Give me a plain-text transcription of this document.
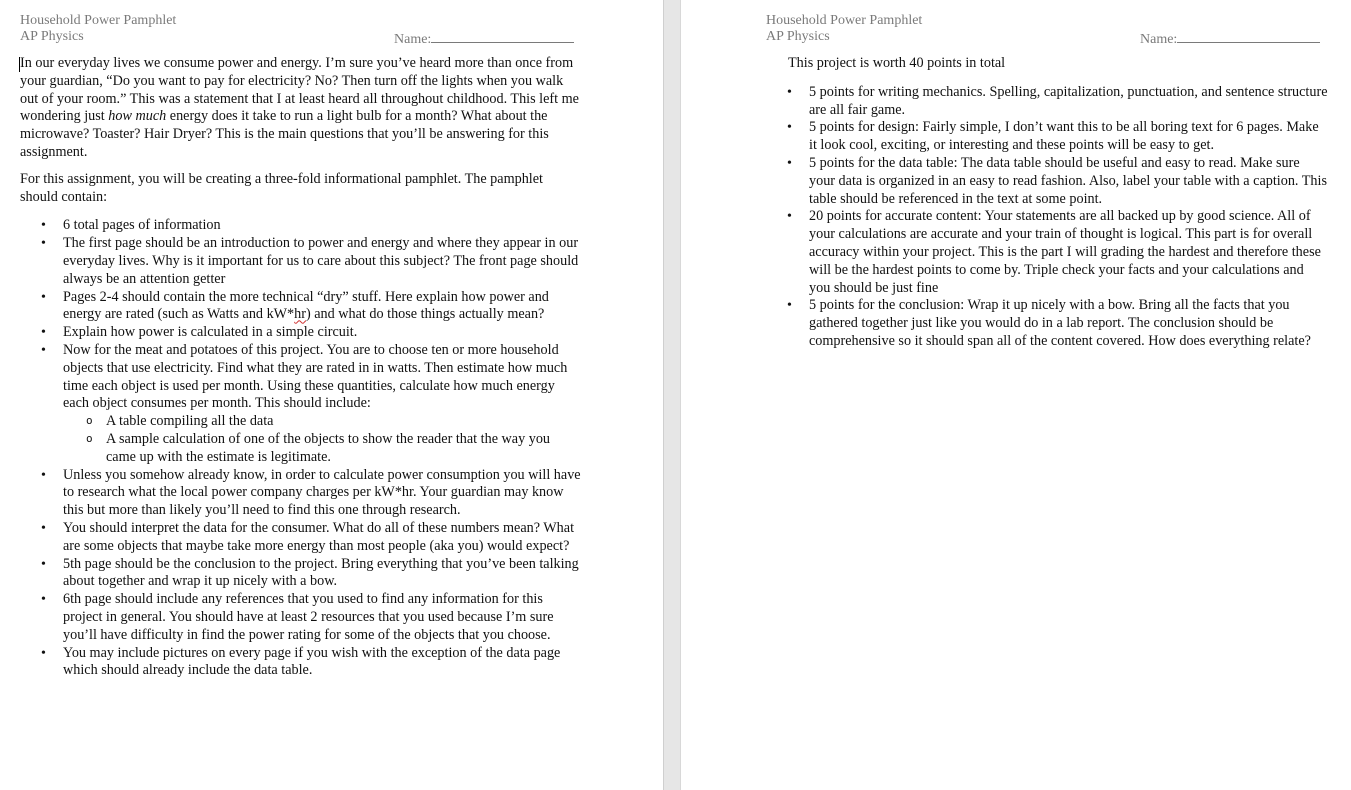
Household Power Pamphlet
AP Physics	Name:

In our everyday lives we consume power and energy. I’m sure you’ve heard more than once from your guardian, “Do you want to pay for electricity? No? Then turn off the lights when you walk out of your room.” This was a statement that I at least heard all throughout childhood. This left me wondering just how much energy does it take to run a light bulb for a month? What about the microwave? Toaster? Hair Dryer? This is the main questions that you’ll be answering for this assignment.

For this assignment, you will be creating a three-fold informational pamphlet. The pamphlet should contain:

• 6 total pages of information
• The first page should be an introduction to power and energy and where they appear in our everyday lives. Why is it important for us to care about this subject? The front page should always be an attention getter
• Pages 2-4 should contain the more technical “dry” stuff. Here explain how power and energy are rated (such as Watts and kW*hr) and what do those things actually mean?
• Explain how power is calculated in a simple circuit.
• Now for the meat and potatoes of this project. You are to choose ten or more household objects that use electricity. Find what they are rated in in watts. Then estimate how much time each object is used per month. Using these quantities, calculate how much energy each object consumes per month. This should include:
o A table compiling all the data
o A sample calculation of one of the objects to show the reader that the way you came up with the estimate is legitimate.
• Unless you somehow already know, in order to calculate power consumption you will have to research what the local power company charges per kW*hr. Your guardian may know this but more than likely you’ll need to find this one through research.
• You should interpret the data for the consumer. What do all of these numbers mean? What are some objects that maybe take more energy than most people (aka you) would expect?
• 5th page should be the conclusion to the project. Bring everything that you’ve been talking about together and wrap it up nicely with a bow.
• 6th page should include any references that you used to find any information for this project in general. You should have at least 2 resources that you used because I’m sure you’ll have difficulty in find the power rating for some of the objects that you choose.
• You may include pictures on every page if you wish with the exception of the data page which should already include the data table.
Household Power Pamphlet
AP Physics	Name:

This project is worth 40 points in total

• 5 points for writing mechanics. Spelling, capitalization, punctuation, and sentence structure are all fair game.
• 5 points for design: Fairly simple, I don’t want this to be all boring text for 6 pages. Make it look cool, exciting, or interesting and these points will be easy to get.
• 5 points for the data table: The data table should be useful and easy to read. Make sure your data is organized in an easy to read fashion. Also, label your table with a caption. This table should be referenced in the text at some point.
• 20 points for accurate content: Your statements are all backed up by good science. All of your calculations are accurate and your train of thought is logical. This part is for overall accuracy within your project. This is the part I will grading the hardest and therefore these will be the hardest points to come by. Triple check your facts and your calculations and you should be just fine
• 5 points for the conclusion: Wrap it up nicely with a bow. Bring all the facts that you gathered together just like you would do in a lab report. The conclusion should be comprehensive so it should span all of the content covered. How does everything relate?
